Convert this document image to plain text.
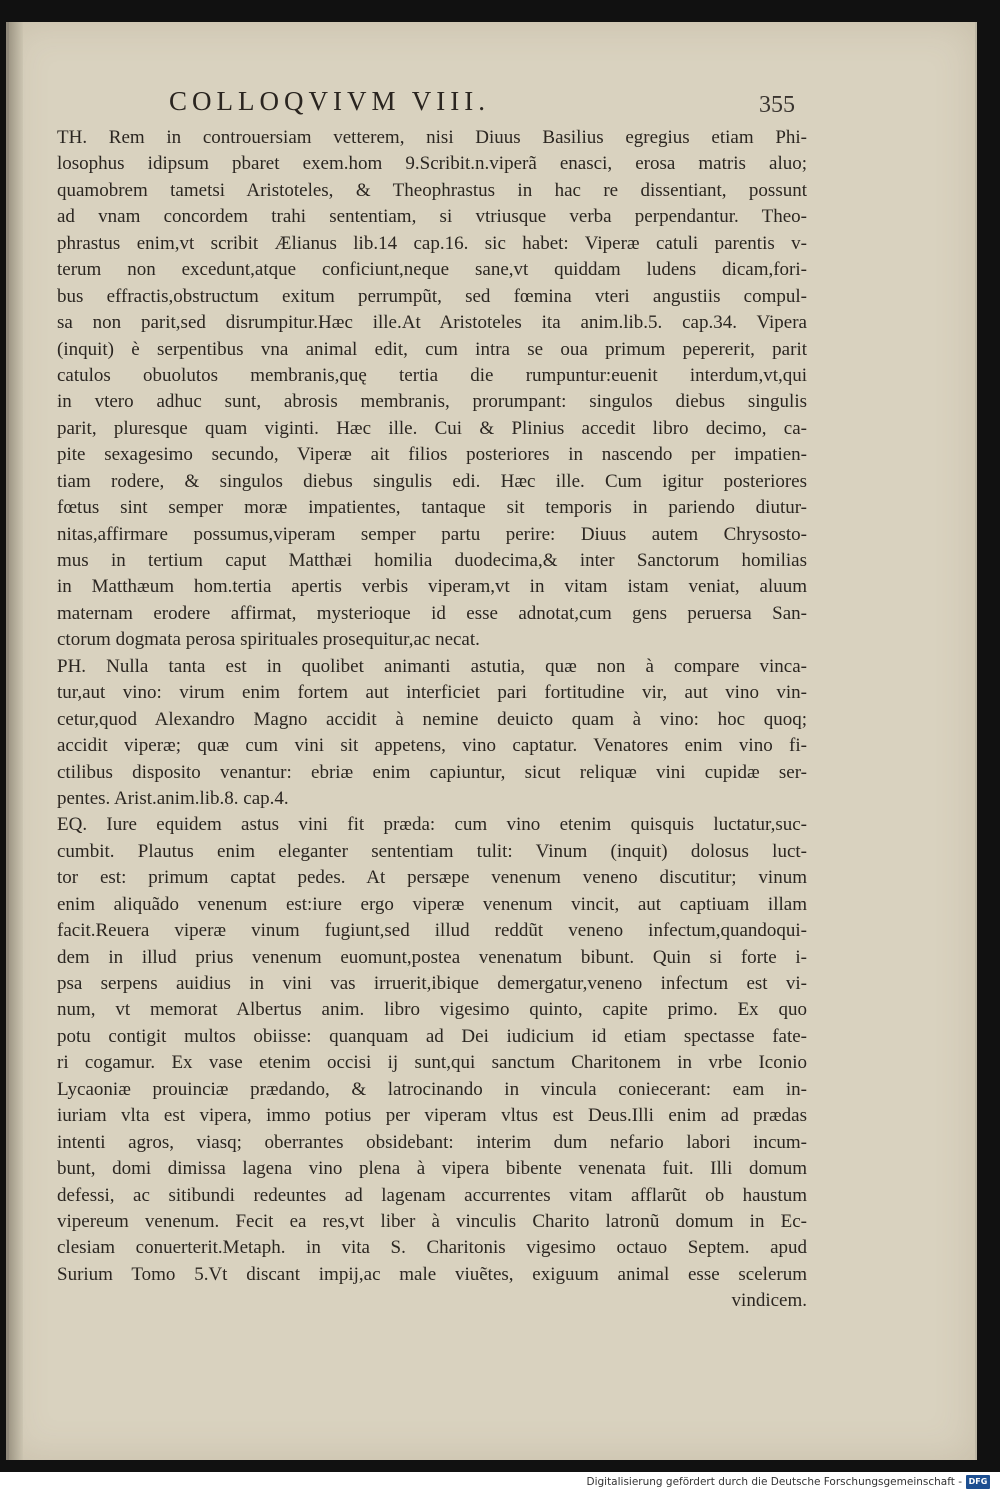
COLLOQVIVM VIII.	355
TH. Rem in controuersiam vetterem, nisi Diuus Basilius egregius etiam Phi-
losophus idipsum pbaret exem.hom 9.Scribit.n.viperã enasci, erosa matris aluo;
quamobrem tametsi Aristoteles, & Theophrastus in hac re dissentiant, possunt
ad vnam concordem trahi sententiam, si vtriusque verba perpendantur. Theo-
phrastus enim,vt scribit Ælianus lib.14 cap.16. sic habet: Viperæ catuli parentis v-
terum non excedunt,atque conficiunt,neque sane,vt quiddam ludens dicam,fori-
bus effractis,obstructum exitum perrumpũt, sed fœmina vteri angustiis compul-
sa non parit,sed disrumpitur.Hæc ille.At Aristoteles ita anim.lib.5. cap.34. Vipera
(inquit) è serpentibus vna animal edit, cum intra se oua primum pepererit, parit
catulos obuolutos membranis,quę tertia die rumpuntur:euenit interdum,vt,qui
in vtero adhuc sunt, abrosis membranis, prorumpant: singulos diebus singulis
parit, pluresque quam viginti. Hæc ille. Cui & Plinius accedit libro decimo, ca-
pite sexagesimo secundo, Viperæ ait filios posteriores in nascendo per impatien-
tiam rodere, & singulos diebus singulis edi. Hæc ille. Cum igitur posteriores
fœtus sint semper moræ impatientes, tantaque sit temporis in pariendo diutur-
nitas,affirmare possumus,viperam semper partu perire: Diuus autem Chrysosto-
mus in tertium caput Matthæi homilia duodecima,& inter Sanctorum homilias
in Matthæum hom.tertia apertis verbis viperam,vt in vitam istam veniat, aluum
maternam erodere affirmat, mysterioque id esse adnotat,cum gens peruersa San-
ctorum dogmata perosa spirituales prosequitur,ac necat.
PH. Nulla tanta est in quolibet animanti astutia, quæ non à compare vinca-
tur,aut vino: virum enim fortem aut interficiet pari fortitudine vir, aut vino vin-
cetur,quod Alexandro Magno accidit à nemine deuicto quam à vino: hoc quoq;
accidit viperæ; quæ cum vini sit appetens, vino captatur. Venatores enim vino fi-
ctilibus disposito venantur: ebriæ enim capiuntur, sicut reliquæ vini cupidæ ser-
pentes. Arist.anim.lib.8. cap.4.
EQ. Iure equidem astus vini fit præda: cum vino etenim quisquis luctatur,suc-
cumbit. Plautus enim eleganter sententiam tulit: Vinum (inquit) dolosus luct-
tor est: primum captat pedes. At persæpe venenum veneno discutitur; vinum
enim aliquãdo venenum est:iure ergo viperæ venenum vincit, aut captiuam illam
facit.Reuera viperæ vinum fugiunt,sed illud reddũt veneno infectum,quandoqui-
dem in illud prius venenum euomunt,postea venenatum bibunt. Quin si forte i-
psa serpens auidius in vini vas irruerit,ibique demergatur,veneno infectum est vi-
num, vt memorat Albertus anim. libro vigesimo quinto, capite primo. Ex quo
potu contigit multos obiisse: quanquam ad Dei iudicium id etiam spectasse fate-
ri cogamur. Ex vase etenim occisi ij sunt,qui sanctum Charitonem in vrbe Iconio
Lycaoniæ prouinciæ prædando, & latrocinando in vincula coniecerant: eam in-
iuriam vlta est vipera, immo potius per viperam vltus est Deus.Illi enim ad prædas
intenti agros, viasq; oberrantes obsidebant: interim dum nefario labori incum-
bunt, domi dimissa lagena vino plena à vipera bibente venenata fuit. Illi domum
defessi, ac sitibundi redeuntes ad lagenam accurrentes vitam afflarũt ob haustum
vipereum venenum. Fecit ea res,vt liber à vinculis Charito latronũ domum in Ec-
clesiam conuerterit.Metaph. in vita S. Charitonis vigesimo octauo Septem. apud
Surium Tomo 5.Vt discant impij,ac male viuẽtes, exiguum animal esse scelerum
vindicem.
Digitalisierung gefördert durch die Deutsche Forschungsgemeinschaft - DFG
